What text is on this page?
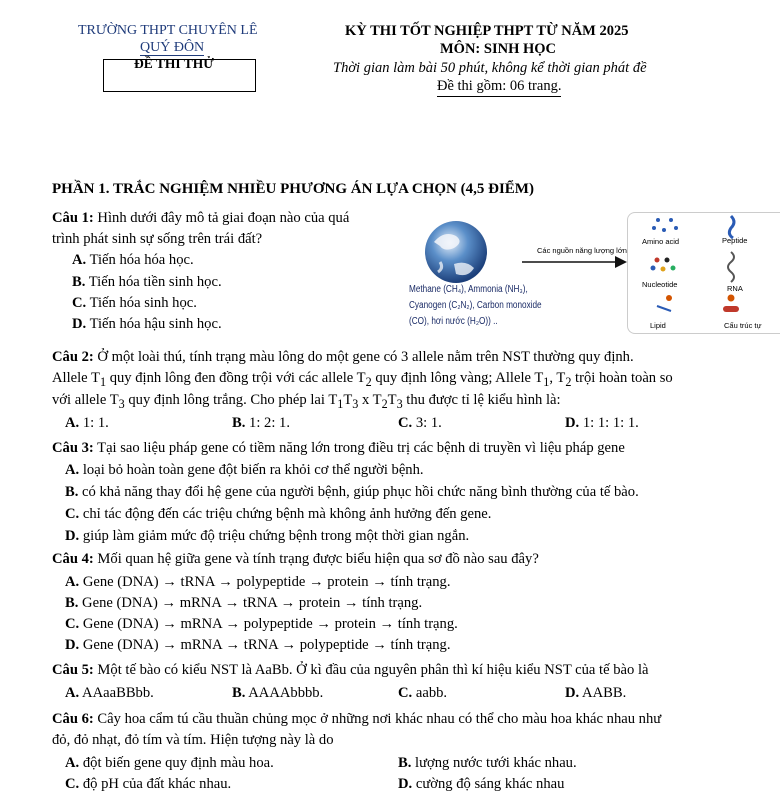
TRƯỜNG THPT CHUYÊN LÊ
QUÝ ĐÔN
ĐỀ THI THỬ
KỲ THI TỐT NGHIỆP THPT TỪ NĂM 2025
MÔN: SINH HỌC
Thời gian làm bài 50 phút, không kể thời gian phát đề
Đề thi gồm: 06 trang.
PHẦN 1. TRẮC NGHIỆM NHIỀU PHƯƠNG ÁN LỰA CHỌN (4,5 ĐIỂM)
Câu 1: Hình dưới đây mô tả giai đoạn nào của quá
trình phát sinh sự sống trên trái đất?
A. Tiến hóa hóa học.
B. Tiến hóa tiền sinh học.
C. Tiến hóa sinh học.
D. Tiến hóa hậu sinh học.
Các nguồn năng lượng lớn
Methane (CH₄), Ammonia (NH₃),
Cyanogen (C₂N₂), Carbon monoxide
(CO), hơi nước (H₂O)) ..
Amino acid	Peptide
Nucleotide	RNA
Lipid	Cấu trúc tự
Câu 2: Ở một loài thú, tính trạng màu lông do một gene có 3 allele nằm trên NST thường quy định.
Allele $T_1$ quy định lông đen đồng trội với các allele $T_2$ quy định lông vàng; Allele $T_1$, $T_2$ trội hoàn toàn so
với allele $T_3$ quy định lông trắng. Cho phép lai $T_1T_3$ x $T_2T_3$ thu được tỉ lệ kiểu hình là:
A. 1: 1.	B. 1: 2: 1.	C. 3: 1.	D. 1: 1: 1: 1.
Câu 3: Tại sao liệu pháp gene có tiềm năng lớn trong điều trị các bệnh di truyền vì liệu pháp gene
A. loại bỏ hoàn toàn gene đột biến ra khỏi cơ thể người bệnh.
B. có khả năng thay đổi hệ gene của người bệnh, giúp phục hồi chức năng bình thường của tế bào.
C. chỉ tác động đến các triệu chứng bệnh mà không ảnh hưởng đến gene.
D. giúp làm giảm mức độ triệu chứng bệnh trong một thời gian ngắn.
Câu 4: Mối quan hệ giữa gene và tính trạng được biểu hiện qua sơ đồ nào sau đây?
A. Gene (DNA) → tRNA → polypeptide → protein → tính trạng.
B. Gene (DNA) → mRNA → tRNA → protein → tính trạng.
C. Gene (DNA) → mRNA → polypeptide → protein → tính trạng.
D. Gene (DNA) → mRNA → tRNA → polypeptide → tính trạng.
Câu 5: Một tế bào có kiểu NST là AaBb. Ở kì đầu của nguyên phân thì kí hiệu kiểu NST của tế bào là
A. AAaaBBbb.	B. AAAAbbbb.	C. aabb.	D. AABB.
Câu 6: Cây hoa cẩm tú cầu thuần chủng mọc ở những nơi khác nhau có thể cho màu hoa khác nhau như
đỏ, đỏ nhạt, đỏ tím và tím. Hiện tượng này là do
A. đột biến gene quy định màu hoa.	B. lượng nước tưới khác nhau.
C. độ pH của đất khác nhau.	D. cường độ sáng khác nhau
